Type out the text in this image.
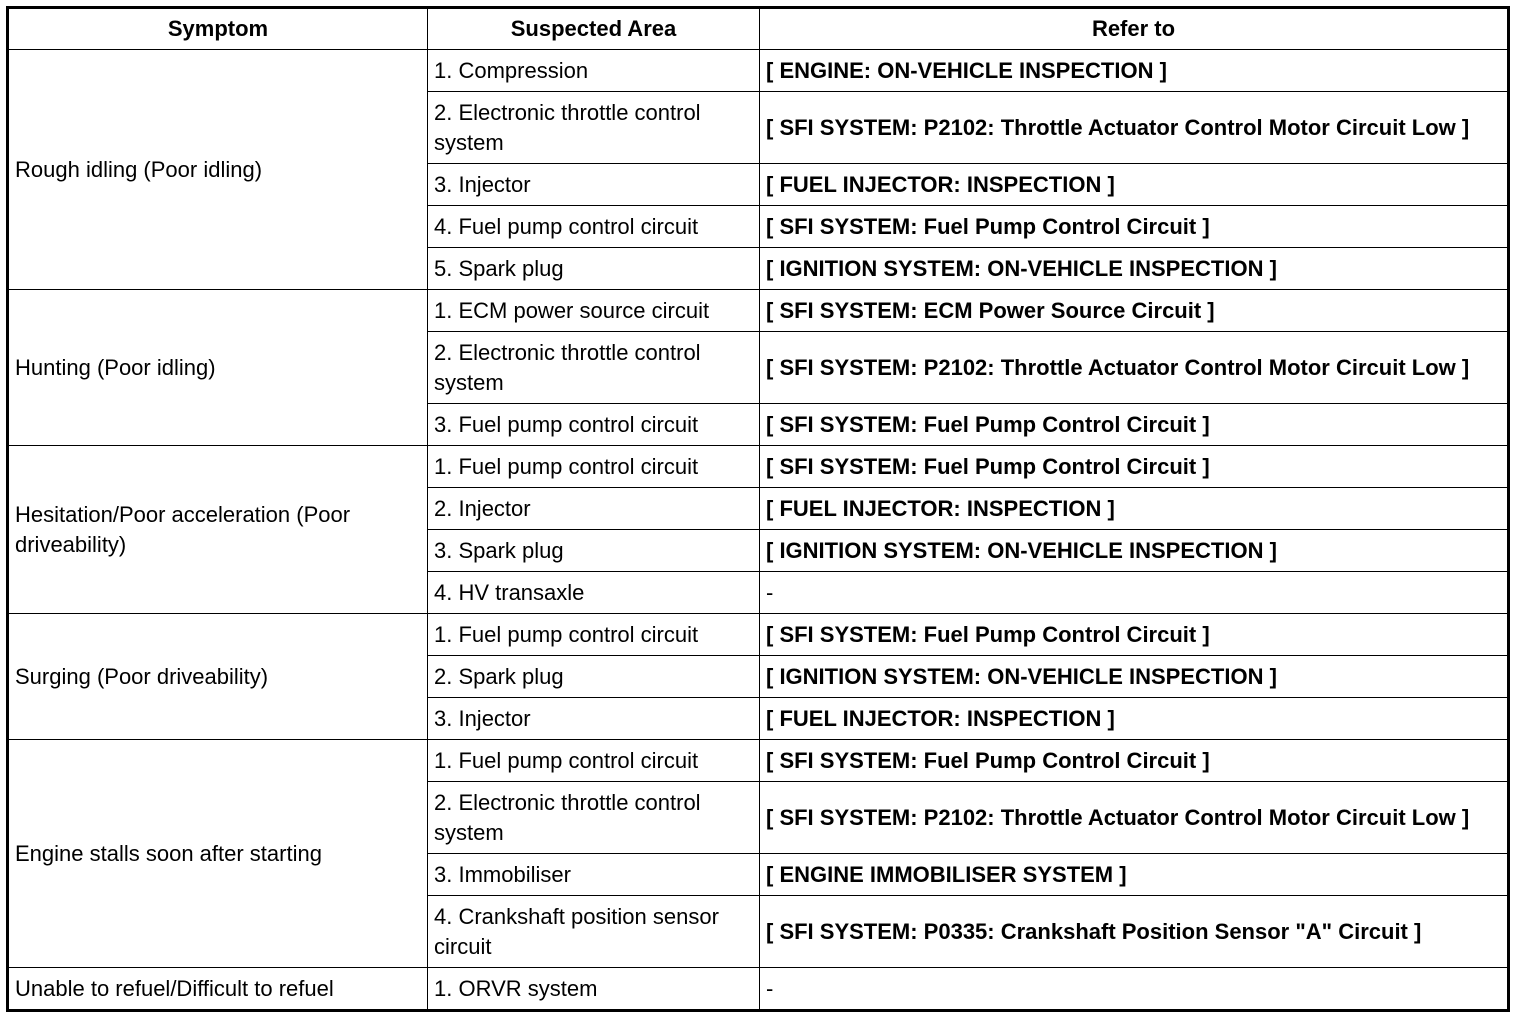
Symptom	Suspected Area	Refer to
Rough idling (Poor idling)	1. Compression	[ ENGINE: ON-VEHICLE INSPECTION ]
	2. Electronic throttle control system	[ SFI SYSTEM: P2102: Throttle Actuator Control Motor Circuit Low ]
	3. Injector	[ FUEL INJECTOR: INSPECTION ]
	4. Fuel pump control circuit	[ SFI SYSTEM: Fuel Pump Control Circuit ]
	5. Spark plug	[ IGNITION SYSTEM: ON-VEHICLE INSPECTION ]
Hunting (Poor idling)	1. ECM power source circuit	[ SFI SYSTEM: ECM Power Source Circuit ]
	2. Electronic throttle control system	[ SFI SYSTEM: P2102: Throttle Actuator Control Motor Circuit Low ]
	3. Fuel pump control circuit	[ SFI SYSTEM: Fuel Pump Control Circuit ]
Hesitation/Poor acceleration (Poor driveability)	1. Fuel pump control circuit	[ SFI SYSTEM: Fuel Pump Control Circuit ]
	2. Injector	[ FUEL INJECTOR: INSPECTION ]
	3. Spark plug	[ IGNITION SYSTEM: ON-VEHICLE INSPECTION ]
	4. HV transaxle	-
Surging (Poor driveability)	1. Fuel pump control circuit	[ SFI SYSTEM: Fuel Pump Control Circuit ]
	2. Spark plug	[ IGNITION SYSTEM: ON-VEHICLE INSPECTION ]
	3. Injector	[ FUEL INJECTOR: INSPECTION ]
Engine stalls soon after starting	1. Fuel pump control circuit	[ SFI SYSTEM: Fuel Pump Control Circuit ]
	2. Electronic throttle control system	[ SFI SYSTEM: P2102: Throttle Actuator Control Motor Circuit Low ]
	3. Immobiliser	[ ENGINE IMMOBILISER SYSTEM ]
	4. Crankshaft position sensor circuit	[ SFI SYSTEM: P0335: Crankshaft Position Sensor "A" Circuit ]
Unable to refuel/Difficult to refuel	1. ORVR system	-
